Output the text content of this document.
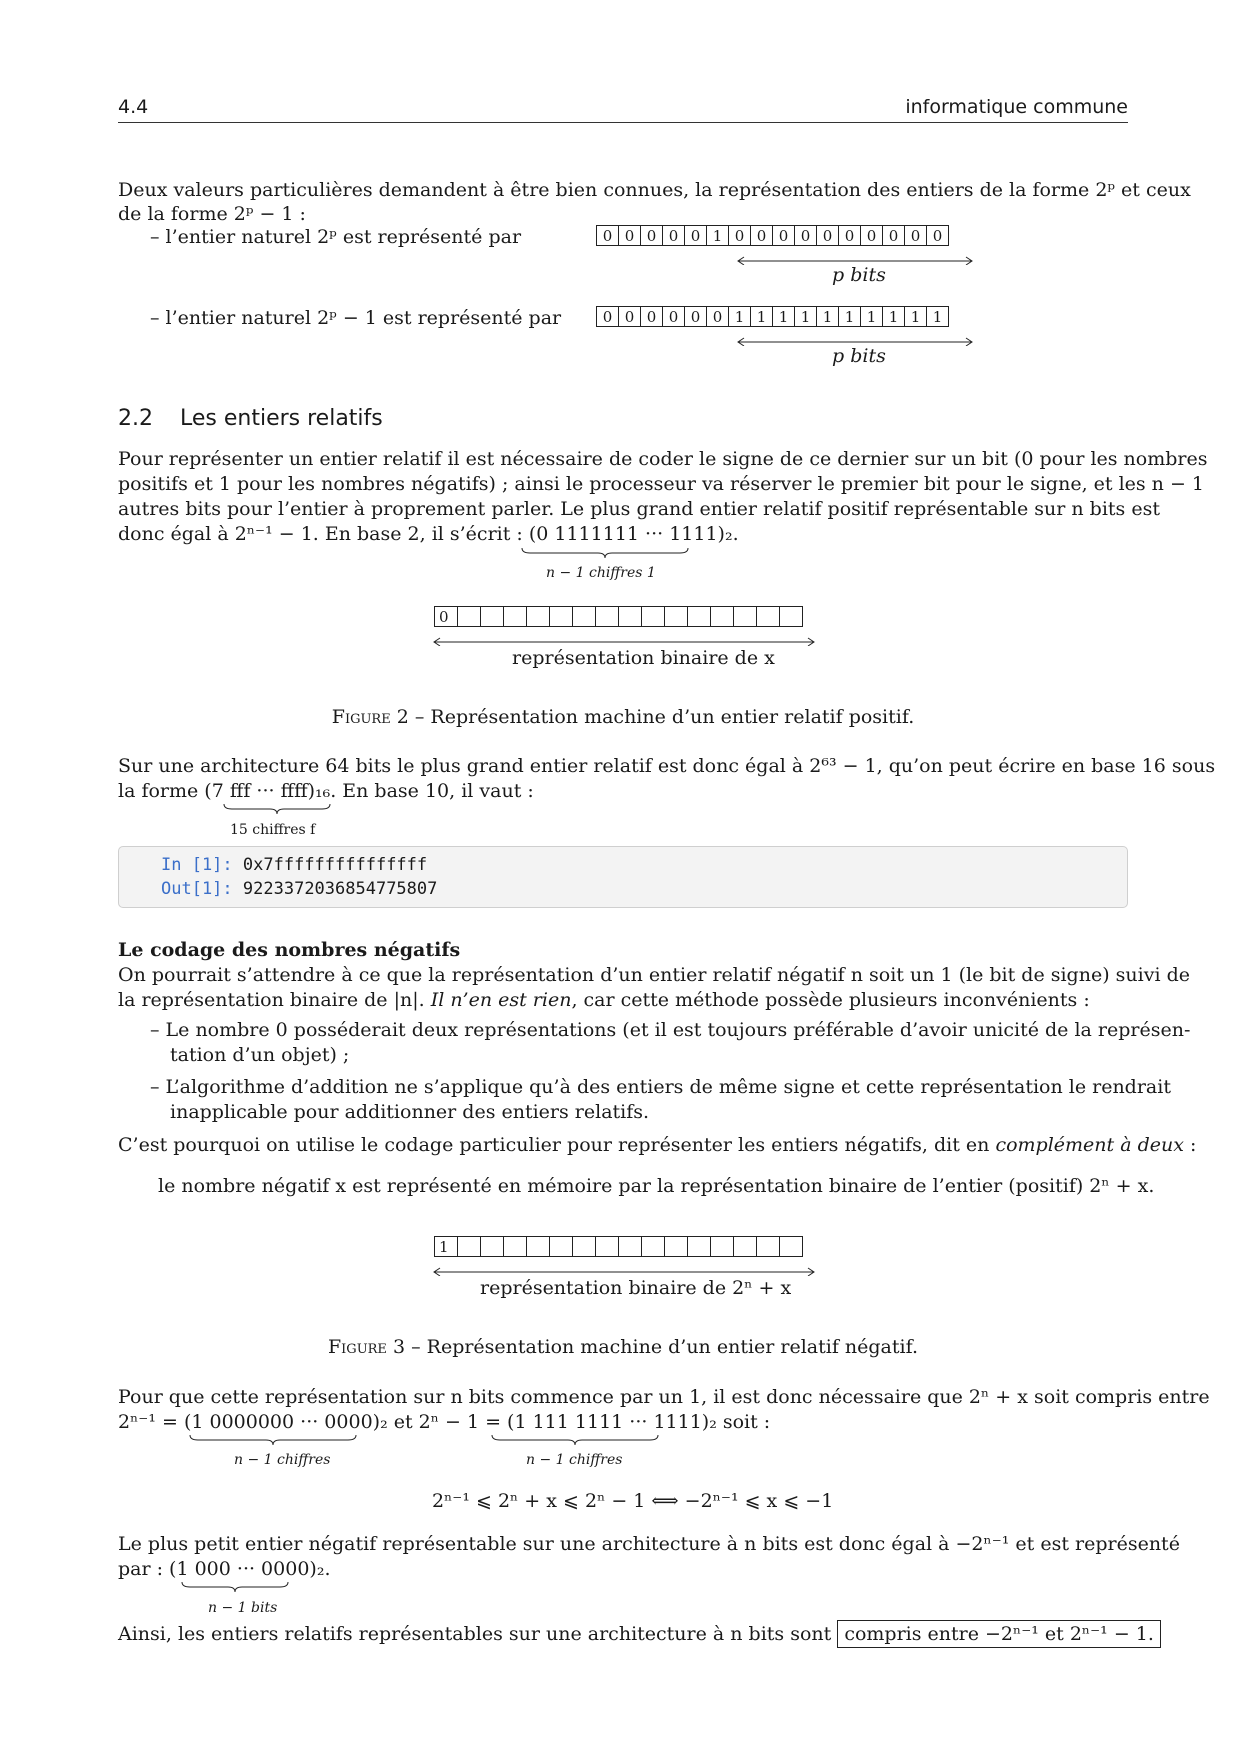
4.4	informatique commune
Deux valeurs particulières demandent à être bien connues, la représentation des entiers de la forme 2ᵖ et ceux
de la forme 2ᵖ − 1 :
– l’entier naturel 2ᵖ est représenté par	0 0 0 0 0 1 0 0 0 0 0 0 0 0 0 0
p bits
– l’entier naturel 2ᵖ − 1 est représenté par	0 0 0 0 0 0 1 1 1 1 1 1 1 1 1 1
p bits
2.2 Les entiers relatifs
Pour représenter un entier relatif il est nécessaire de coder le signe de ce dernier sur un bit (0 pour les nombres
positifs et 1 pour les nombres négatifs) ; ainsi le processeur va réserver le premier bit pour le signe, et les n − 1
autres bits pour l’entier à proprement parler. Le plus grand entier relatif positif représentable sur n bits est
donc égal à 2ⁿ⁻¹ − 1. En base 2, il s’écrit : (0 1111111 ··· 1111)₂.
n − 1 chiffres 1
0
représentation binaire de x
Figure 2 – Représentation machine d’un entier relatif positif.
Sur une architecture 64 bits le plus grand entier relatif est donc égal à 2⁶³ − 1, qu’on peut écrire en base 16 sous
la forme (7 fff ··· ffff)₁₆. En base 10, il vaut :
15 chiffres f
In [1]: 0x7fffffffffffffff
Out[1]: 9223372036854775807
Le codage des nombres négatifs
On pourrait s’attendre à ce que la représentation d’un entier relatif négatif n soit un 1 (le bit de signe) suivi de
la représentation binaire de |n|. Il n’en est rien, car cette méthode possède plusieurs inconvénients :
– Le nombre 0 posséderait deux représentations (et il est toujours préférable d’avoir unicité de la représen-
tation d’un objet) ;
– L’algorithme d’addition ne s’applique qu’à des entiers de même signe et cette représentation le rendrait
inapplicable pour additionner des entiers relatifs.
C’est pourquoi on utilise le codage particulier pour représenter les entiers négatifs, dit en complément à deux :
le nombre négatif x est représenté en mémoire par la représentation binaire de l’entier (positif) 2ⁿ + x.
1
représentation binaire de 2ⁿ + x
Figure 3 – Représentation machine d’un entier relatif négatif.
Pour que cette représentation sur n bits commence par un 1, il est donc nécessaire que 2ⁿ + x soit compris entre
2ⁿ⁻¹ = (1 0000000 ··· 0000)₂ et 2ⁿ − 1 = (1 111 1111 ··· 1111)₂ soit :
n − 1 chiffres	n − 1 chiffres
2ⁿ⁻¹ ⩽ 2ⁿ + x ⩽ 2ⁿ − 1 ⟺ −2ⁿ⁻¹ ⩽ x ⩽ −1
Le plus petit entier négatif représentable sur une architecture à n bits est donc égal à −2ⁿ⁻¹ et est représenté
par : (1 000 ··· 0000)₂.
n − 1 bits
Ainsi, les entiers relatifs représentables sur une architecture à n bits sont compris entre −2ⁿ⁻¹ et 2ⁿ⁻¹ − 1.
